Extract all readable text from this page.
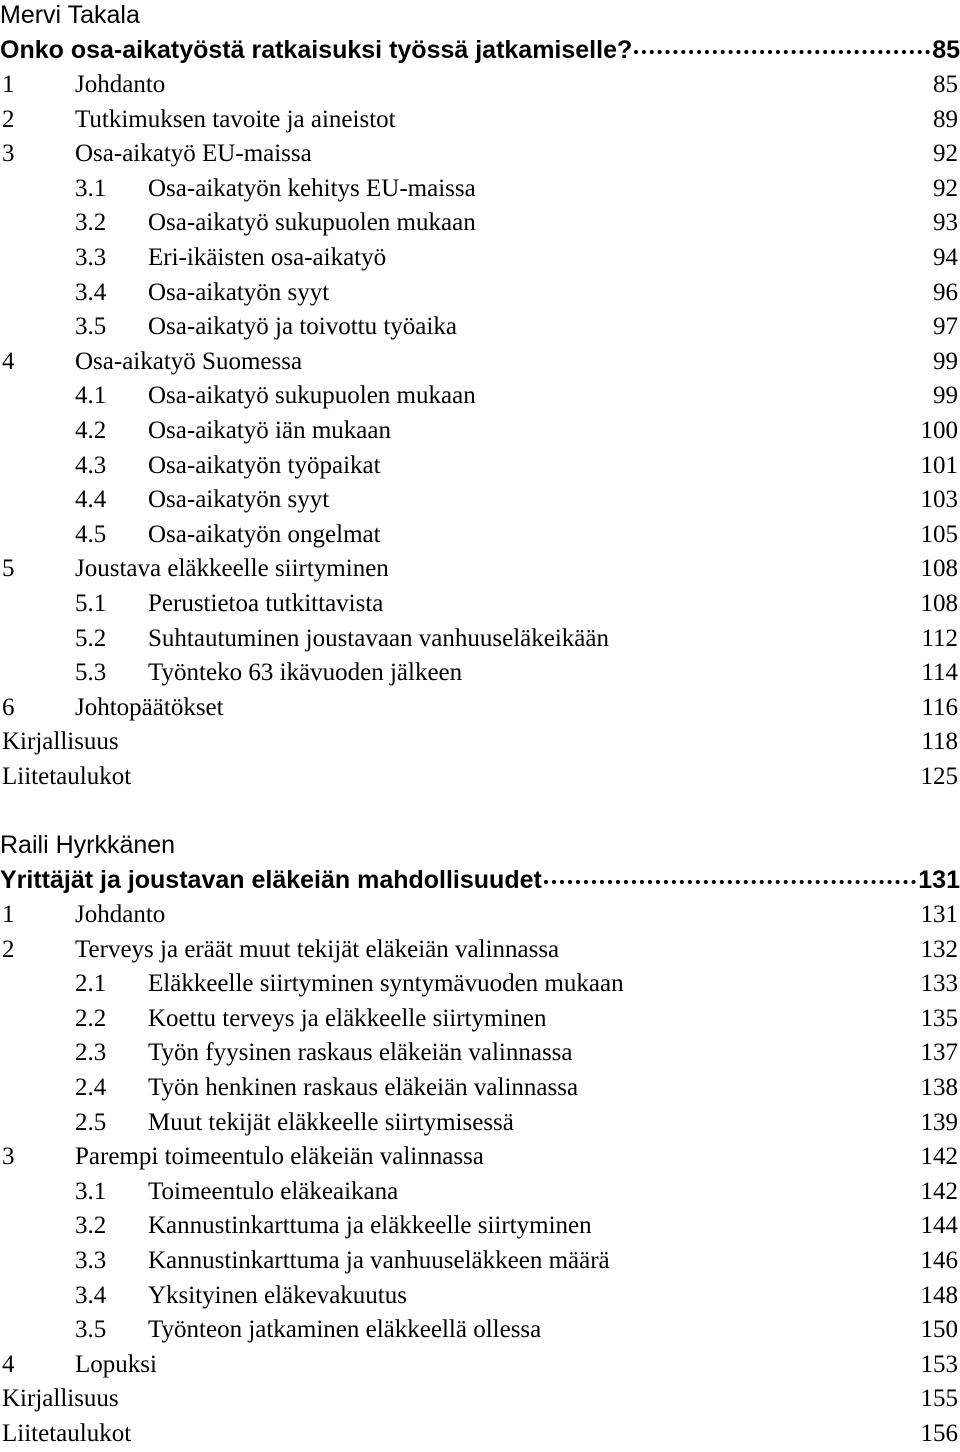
Mervi Takala
Onko osa-aikatyöstä ratkaisuksi työssä jatkamiselle?	85
1 Johdanto	85
2 Tutkimuksen tavoite ja aineistot	89
3 Osa-aikatyö EU-maissa	92
3.1 Osa-aikatyön kehitys EU-maissa	92
3.2 Osa-aikatyö sukupuolen mukaan	93
3.3 Eri-ikäisten osa-aikatyö	94
3.4 Osa-aikatyön syyt	96
3.5 Osa-aikatyö ja toivottu työaika	97
4 Osa-aikatyö Suomessa	99
4.1 Osa-aikatyö sukupuolen mukaan	99
4.2 Osa-aikatyö iän mukaan	100
4.3 Osa-aikatyön työpaikat	101
4.4 Osa-aikatyön syyt	103
4.5 Osa-aikatyön ongelmat	105
5 Joustava eläkkeelle siirtyminen	108
5.1 Perustietoa tutkittavista	108
5.2 Suhtautuminen joustavaan vanhuuseläkeikään	112
5.3 Työnteko 63 ikävuoden jälkeen	114
6 Johtopäätökset	116
Kirjallisuus	118
Liitetaulukot	125
Raili Hyrkkänen
Yrittäjät ja joustavan eläkeiän mahdollisuudet	131
1 Johdanto	131
2 Terveys ja eräät muut tekijät eläkeiän valinnassa	132
2.1 Eläkkeelle siirtyminen syntymävuoden mukaan	133
2.2 Koettu terveys ja eläkkeelle siirtyminen	135
2.3 Työn fyysinen raskaus eläkeiän valinnassa	137
2.4 Työn henkinen raskaus eläkeiän valinnassa	138
2.5 Muut tekijät eläkkeelle siirtymisessä	139
3 Parempi toimeentulo eläkeiän valinnassa	142
3.1 Toimeentulo eläkeaikana	142
3.2 Kannustinkarttuma ja eläkkeelle siirtyminen	144
3.3 Kannustinkarttuma ja vanhuuseläkkeen määrä	146
3.4 Yksityinen eläkevakuutus	148
3.5 Työnteon jatkaminen eläkkeellä ollessa	150
4 Lopuksi	153
Kirjallisuus	155
Liitetaulukot	156
